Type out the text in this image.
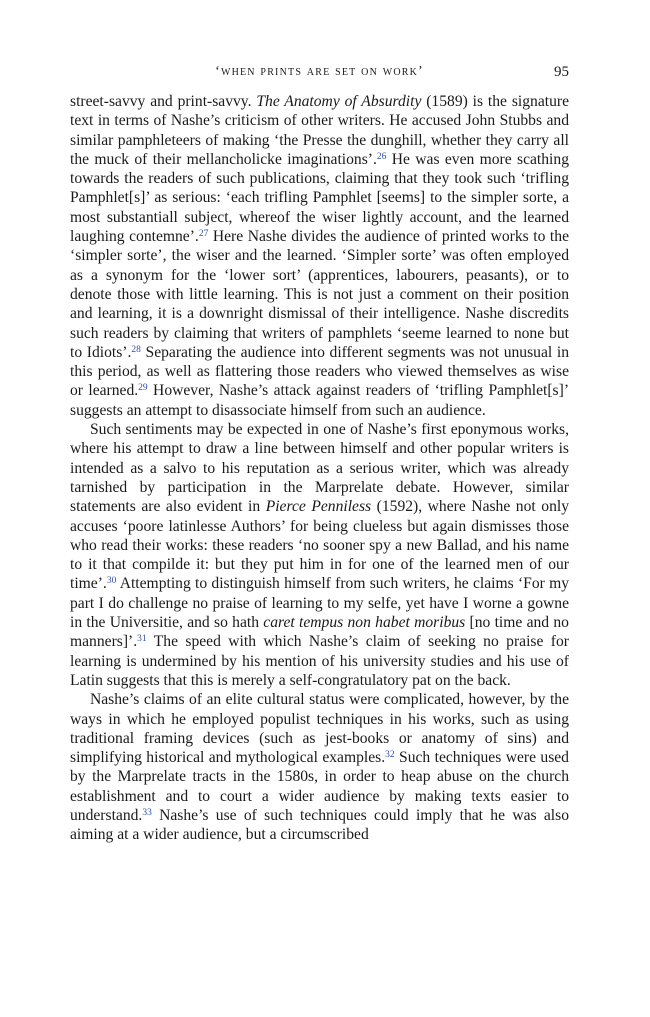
‘when prints are set on work’	95

street-savvy and print-savvy. The Anatomy of Absurdity (1589) is the signature text in terms of Nashe’s criticism of other writers. He accused John Stubbs and similar pamphleteers of making ‘the Presse the dunghill, whether they carry all the muck of their mellancholicke imaginations’.$^{26}$ He was even more scathing towards the readers of such publications, claiming that they took such ‘trifling Pamphlet[s]’ as serious: ‘each trifling Pamphlet [seems] to the simpler sorte, a most substantiall subject, whereof the wiser lightly account, and the learned laughing contemne’.$^{27}$ Here Nashe divides the audience of printed works to the ‘simpler sorte’, the wiser and the learned. ‘Simpler sorte’ was often employed as a synonym for the ‘lower sort’ (apprentices, labourers, peasants), or to denote those with little learning. This is not just a comment on their position and learning, it is a downright dismissal of their intelligence. Nashe discredits such readers by claiming that writers of pamphlets ‘seeme learned to none but to Idiots’.$^{28}$ Separating the audience into different segments was not unusual in this period, as well as flattering those readers who viewed themselves as wise or learned.$^{29}$ However, Nashe’s attack against readers of ‘trifling Pamphlet[s]’ suggests an attempt to disassociate himself from such an audience.

Such sentiments may be expected in one of Nashe’s first eponymous works, where his attempt to draw a line between himself and other popular writers is intended as a salvo to his reputation as a serious writer, which was already tarnished by participation in the Marprelate debate. However, similar statements are also evident in Pierce Penniless (1592), where Nashe not only accuses ‘poore latinlesse Authors’ for being clueless but again dismisses those who read their works: these readers ‘no sooner spy a new Ballad, and his name to it that compilde it: but they put him in for one of the learned men of our time’.$^{30}$ Attempting to distinguish himself from such writers, he claims ‘For my part I do challenge no praise of learning to my selfe, yet have I worne a gowne in the Universitie, and so hath caret tempus non habet moribus [no time and no manners]’.$^{31}$ The speed with which Nashe’s claim of seeking no praise for learning is undermined by his mention of his university studies and his use of Latin suggests that this is merely a self-congratulatory pat on the back.

Nashe’s claims of an elite cultural status were complicated, however, by the ways in which he employed populist techniques in his works, such as using traditional framing devices (such as jest-books or anatomy of sins) and simplifying historical and mythological examples.$^{32}$ Such techniques were used by the Marprelate tracts in the 1580s, in order to heap abuse on the church establishment and to court a wider audience by making texts easier to understand.$^{33}$ Nashe’s use of such techniques could imply that he was also aiming at a wider audience, but a circumscribed
